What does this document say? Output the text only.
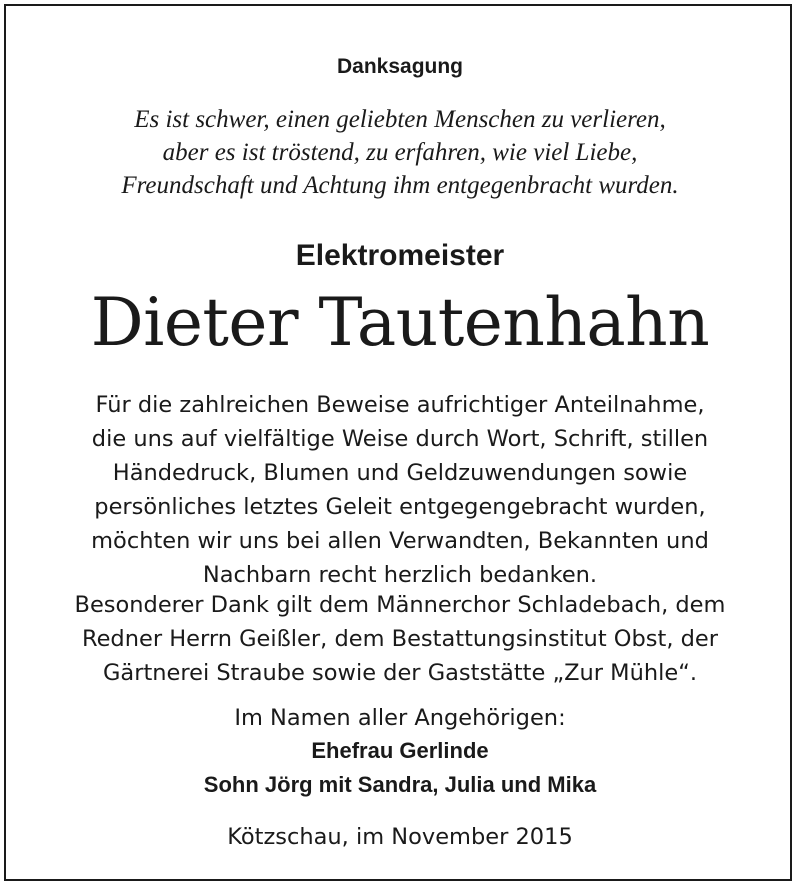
Danksagung
Es ist schwer, einen geliebten Menschen zu verlieren,
aber es ist tröstend, zu erfahren, wie viel Liebe,
Freundschaft und Achtung ihm entgegenbracht wurden.
Elektromeister
Dieter Tautenhahn
Für die zahlreichen Beweise aufrichtiger Anteilnahme,
die uns auf vielfältige Weise durch Wort, Schrift, stillen
Händedruck, Blumen und Geldzuwendungen sowie
persönliches letztes Geleit entgegengebracht wurden,
möchten wir uns bei allen Verwandten, Bekannten und
Nachbarn recht herzlich bedanken.
Besonderer Dank gilt dem Männerchor Schladebach, dem
Redner Herrn Geißler, dem Bestattungsinstitut Obst, der
Gärtnerei Straube sowie der Gaststätte „Zur Mühle“.
Im Namen aller Angehörigen:
Ehefrau Gerlinde
Sohn Jörg mit Sandra, Julia und Mika
Kötzschau, im November 2015
